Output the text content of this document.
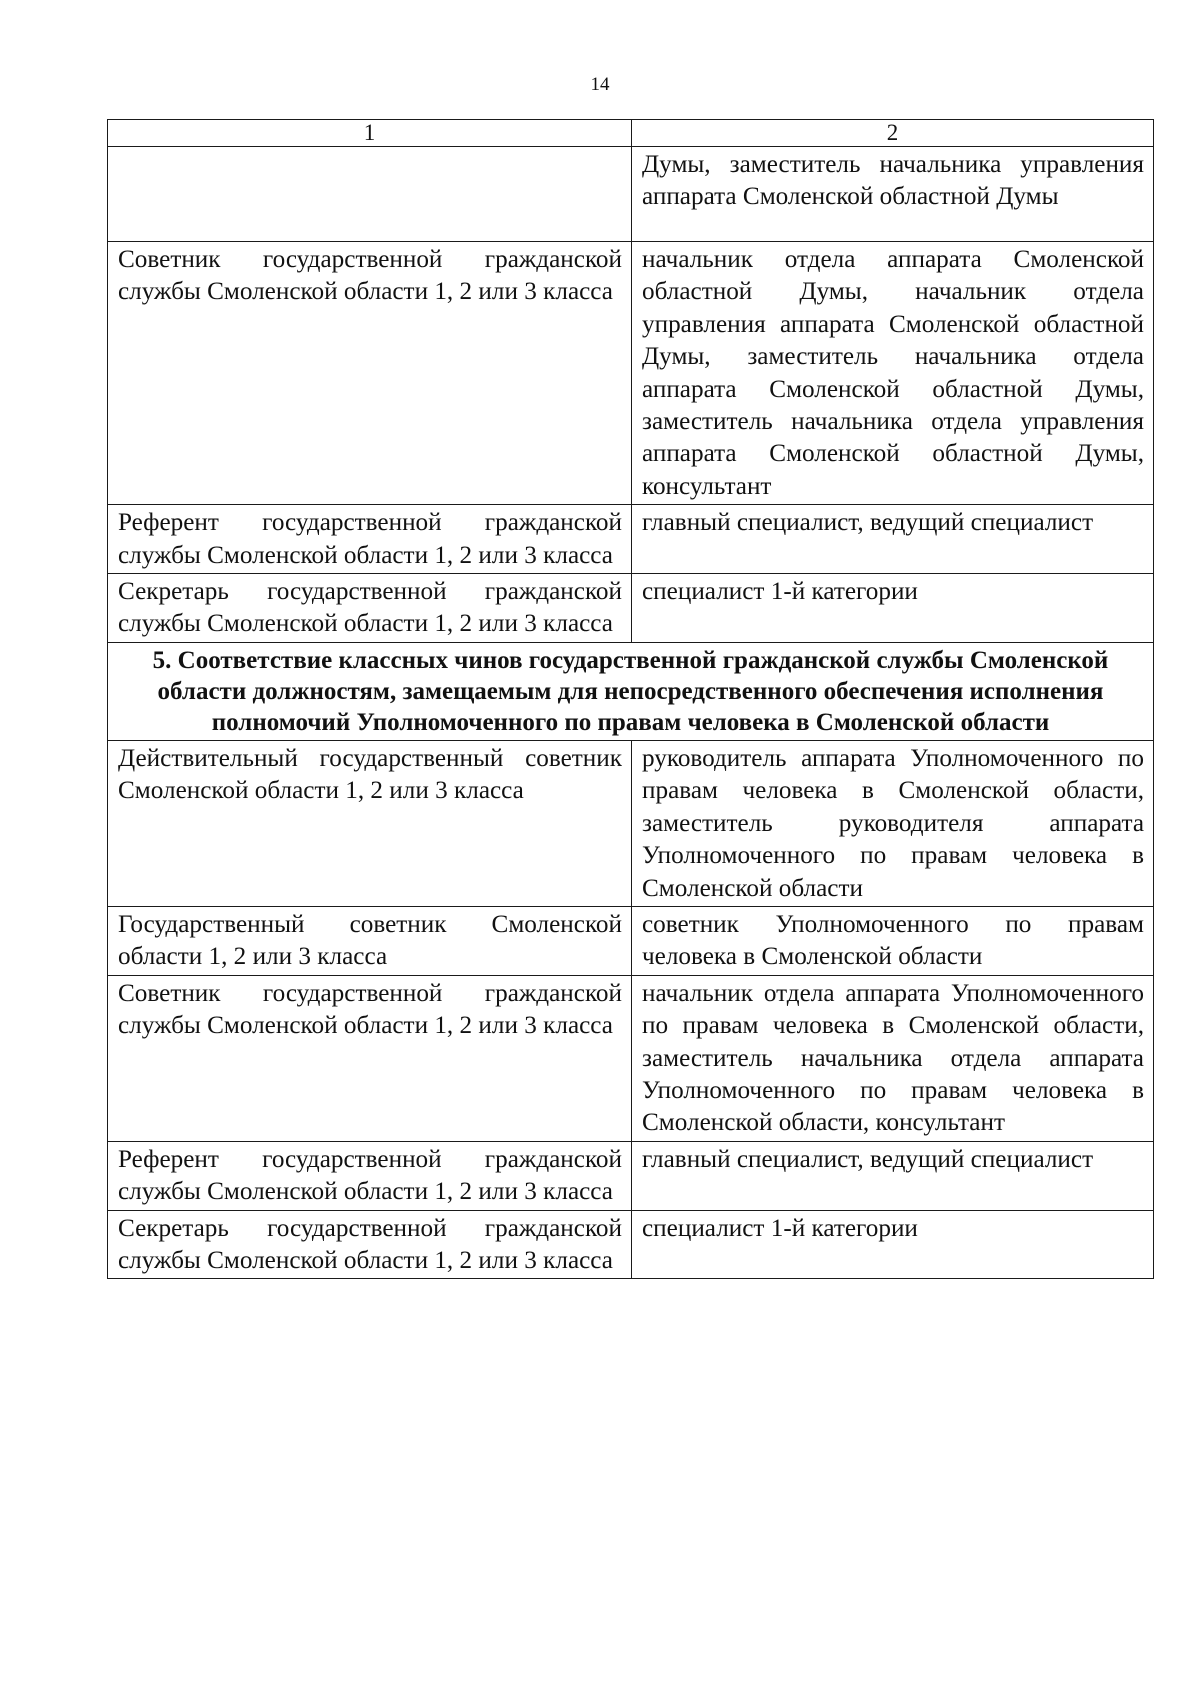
14
1	2
	Думы, заместитель начальника управления аппарата Смоленской областной Думы
Советник государственной гражданской службы Смоленской области 1, 2 или 3 класса	начальник отдела аппарата Смоленской областной Думы, начальник отдела управления аппарата Смоленской областной Думы, заместитель начальника отдела аппарата Смоленской областной Думы, заместитель начальника отдела управления аппарата Смоленской областной Думы, консультант
Референт государственной гражданской службы Смоленской области 1, 2 или 3 класса	главный специалист, ведущий специалист
Секретарь государственной гражданской службы Смоленской области 1, 2 или 3 класса	специалист 1-й категории
5. Соответствие классных чинов государственной гражданской службы Смоленской области должностям, замещаемым для непосредственного обеспечения исполнения полномочий Уполномоченного по правам человека в Смоленской области	
Действительный государственный советник Смоленской области 1, 2 или 3 класса	руководитель аппарата Уполномоченного по правам человека в Смоленской области, заместитель руководителя аппарата Уполномоченного по правам человека в Смоленской области
Государственный советник Смоленской области 1, 2 или 3 класса	советник Уполномоченного по правам человека в Смоленской области
Советник государственной гражданской службы Смоленской области 1, 2 или 3 класса	начальник отдела аппарата Уполномоченного по правам человека в Смоленской области, заместитель начальника отдела аппарата Уполномоченного по правам человека в Смоленской области, консультант
Референт государственной гражданской службы Смоленской области 1, 2 или 3 класса	главный специалист, ведущий специалист
Секретарь государственной гражданской службы Смоленской области 1, 2 или 3 класса	специалист 1-й категории
